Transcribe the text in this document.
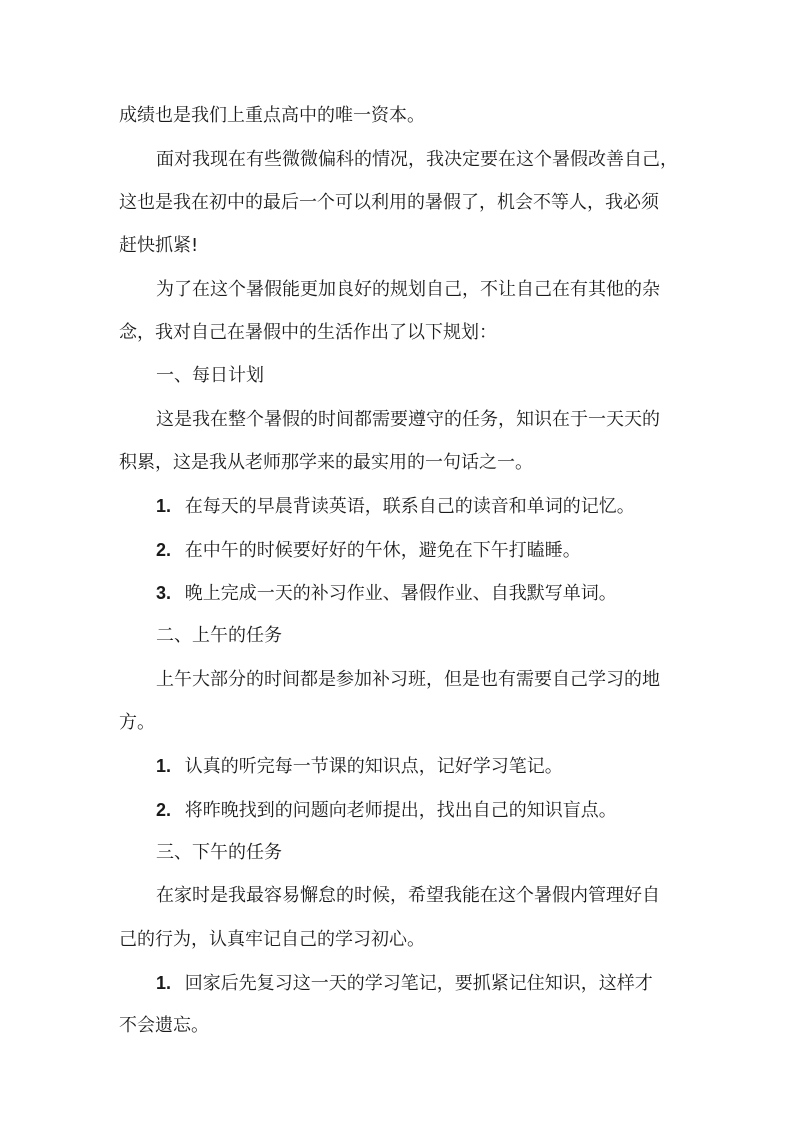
成绩也是我们上重点高中的唯一资本。
面对我现在有些微微偏科的情况，我决定要在这个暑假改善自己，
这也是我在初中的最后一个可以利用的暑假了，机会不等人，我必须
赶快抓紧!
为了在这个暑假能更加良好的规划自己，不让自己在有其他的杂
念，我对自己在暑假中的生活作出了以下规划：
一、每日计划
这是我在整个暑假的时间都需要遵守的任务，知识在于一天天的
积累，这是我从老师那学来的最实用的一句话之一。
1. 在每天的早晨背读英语，联系自己的读音和单词的记忆。
2. 在中午的时候要好好的午休，避免在下午打瞌睡。
3. 晚上完成一天的补习作业、暑假作业、自我默写单词。
二、上午的任务
上午大部分的时间都是参加补习班，但是也有需要自己学习的地
方。
1. 认真的听完每一节课的知识点，记好学习笔记。
2. 将昨晚找到的问题向老师提出，找出自己的知识盲点。
三、下午的任务
在家时是我最容易懈怠的时候，希望我能在这个暑假内管理好自
己的行为，认真牢记自己的学习初心。
1. 回家后先复习这一天的学习笔记，要抓紧记住知识，这样才
不会遗忘。
